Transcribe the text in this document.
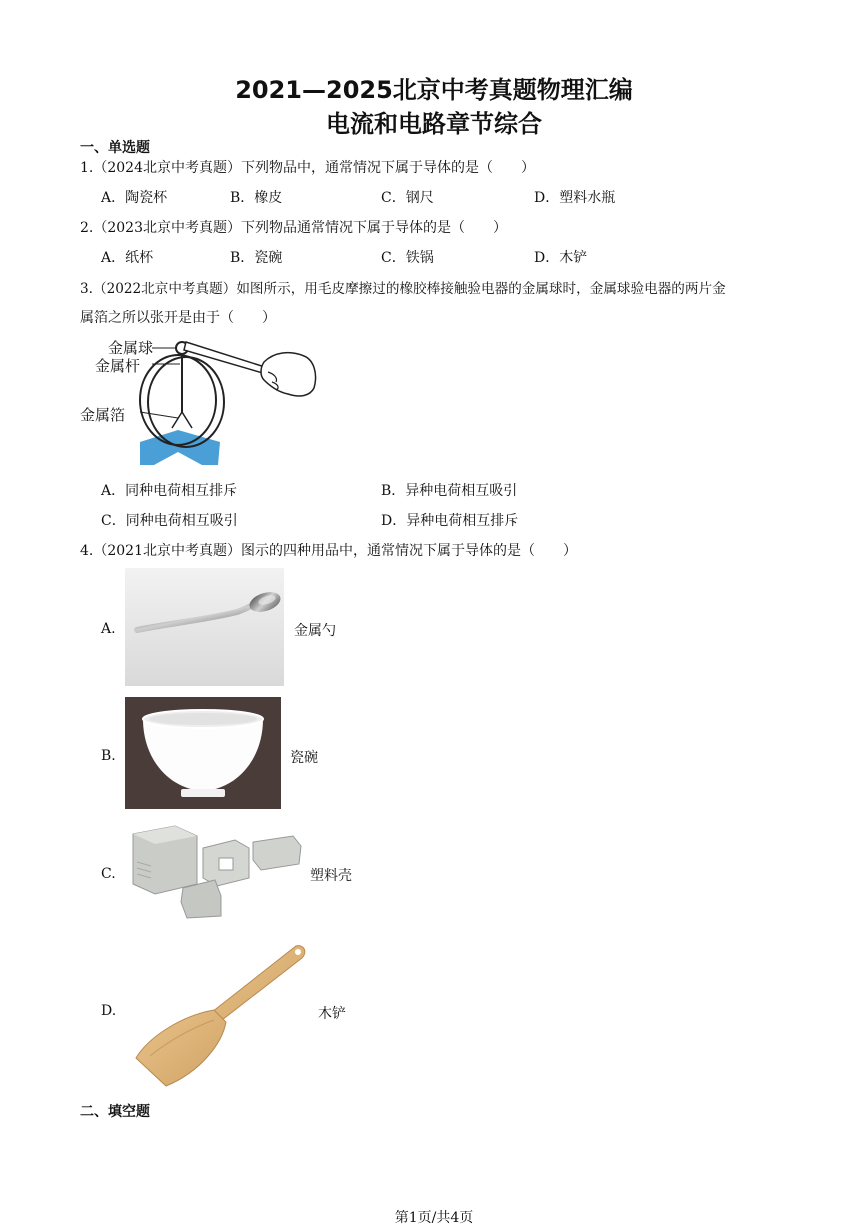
2021—2025北京中考真题物理汇编
电流和电路章节综合
一、单选题
1.（2024北京中考真题）下列物品中，通常情况下属于导体的是（　　）
A．陶瓷杯	B．橡皮	C．钢尺	D．塑料水瓶
2.（2023北京中考真题）下列物品通常情况下属于导体的是（　　）
A．纸杯	B．瓷碗	C．铁锅	D．木铲
3.（2022北京中考真题）如图所示，用毛皮摩擦过的橡胶棒接触验电器的金属球时，金属球验电器的两片金
属箔之所以张开是由于（　　）
金属球
金属杆
金属箔
A．同种电荷相互排斥	B．异种电荷相互吸引
C．同种电荷相互吸引	D．异种电荷相互排斥
4.（2021北京中考真题）图示的四种用品中，通常情况下属于导体的是（　　）
A.	金属勺
B.	瓷碗
C.	塑料壳
D.	木铲
二、填空题
第1页/共4页
